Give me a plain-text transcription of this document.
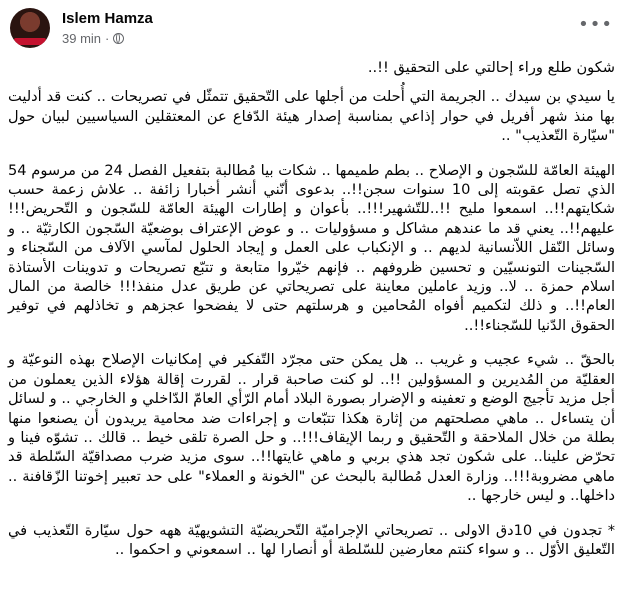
Islem Hamza
39 min ·
•••

شكون طلع وراء إحالتي على التحقيق !!..

يا سيدي بن سيدك .. الجريمة التي أُحلت من أجلها على التّحقيق تتمثّل في تصريحات .. كنت قد أدليت بها منذ شهر أفريل في حوار إذاعي بمناسبة إصدار هيئة الدّفاع عن المعتقلين السياسيين لبيان حول "سيّارة التّعذيب" ..

الهيئة العامّة للسّجون و الإصلاح .. بطم طميمها .. شكات بيا مُطالبة بتفعيل الفصل 24 من مرسوم 54 الذي تصل عقوبته إلى 10 سنوات سجن!!.. بدعوى أنّني أنشر أخبارا زائفة .. علاش زعمة حسب شكايتهم!!.. اسمعوا مليح !!..للتّشهير!!!.. بأعوان و إطارات الهيئة العامّة للسّجون و التّحريض!!! عليهم!!.. يعني قد ما عندهم مشاكل و مسؤوليات .. و عوض الإعتراف بوضعيّة السّجون الكارثيّة .. و وسائل النّقل اللاّنسانية لديهم .. و الإنكباب على العمل و إيجاد الحلول لمآسي الآلاف من السّجناء و السّجينات التونسيّين و تحسين ظروفهم .. فإنهم خيّروا متابعة و تتبّع تصريحات و تدوينات الأستاذة اسلام حمزة .. لا.. وزيد عاملين معاينة على تصريحاتي عن طريق عدل منفذ!!! خالصة من المال العام!!.. و ذلك لتكميم أفواه المُحامين و هرسلتهم حتى لا يفضحوا عجزهم و تخاذلهم في توفير الحقوق الدّنيا للسّجناء!!..

بالحقّ .. شيء عجيب و غريب .. هل يمكن حتى مجرّد التّفكير في إمكانيات الإصلاح بهذه النوعيّة و العقليّة من المُديرين و المسؤولين !!.. لو كنت صاحبة قرار .. لقررت إقالة هؤلاء الذين يعملون من أجل مزيد تأجيج الوضع و تعفينه و الإضرار بصورة البلاد أمام الرّأي العامّ الدّاخلي و الخارجي .. و لسائل أن يتساءل .. ماهي مصلحتهم من إثارة هكذا تتبّعات و إجراءات ضد محامية يريدون أن يصنعوا منها بطلة من خلال الملاحقة و التّحقيق و ربما الإيقاف!!!.. و حل الصرة تلقى خيط .. قالك .. تشوّه فينا و تحرّض علينا.. على شكون تجد هذي بربي و ماهي غايتها!!.. سوى مزيد ضرب مصداقيّة السّلطة قد ماهي مضروبة!!!.. وزارة العدل مُطالبة بالبحث عن "الخونة و العملاء" على حد تعبير إخوتنا الزّقافنة .. داخلها.. و ليس خارجها ..

* تجدون في 10دق الاولى .. تصريحاتي الإجراميّة التّحريضيّة التشويهيّة ههه حول سيّارة التّعذيب في التّعليق الأوّل .. و سواء كنتم معارضين للسّلطة أو أنصارا لها .. اسمعوني و احكموا ..
